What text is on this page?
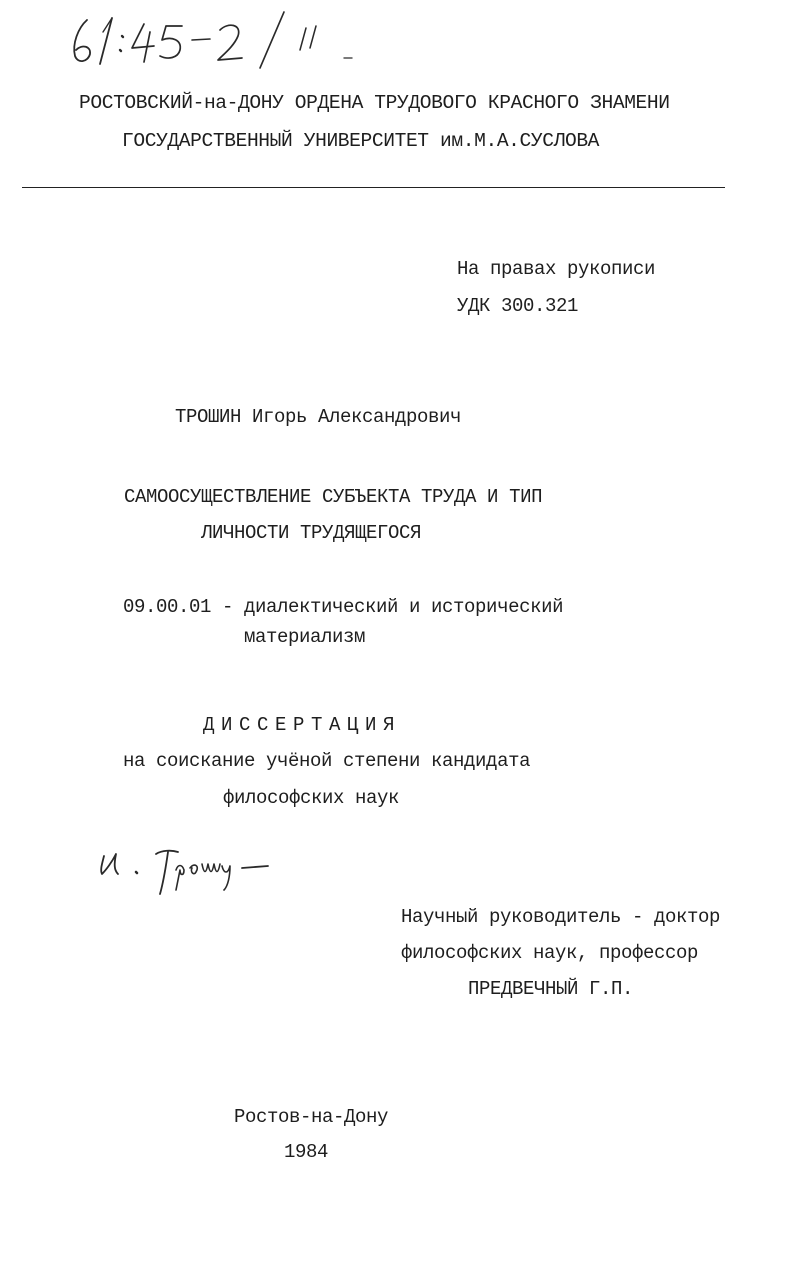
РОСТОВСКИЙ-на-ДОНУ ОРДЕНА ТРУДОВОГО КРАСНОГО ЗНАМЕНИ
ГОСУДАРСТВЕННЫЙ УНИВЕРСИТЕТ им.М.А.СУСЛОВА
На правах рукописи
УДК 300.321
ТРОШИН Игорь Александрович
САМООСУЩЕСТВЛЕНИЕ СУБЪЕКТА ТРУДА И ТИП
ЛИЧНОСТИ ТРУДЯЩЕГОСЯ
09.00.01 - диалектический и исторический
материализм
ДИССЕРТАЦИЯ
на соискание учёной степени кандидата
философских наук
Научный руководитель - доктор
философских наук, профессор
ПРЕДВЕЧНЫЙ Г.П.
Ростов-на-Дону
1984
